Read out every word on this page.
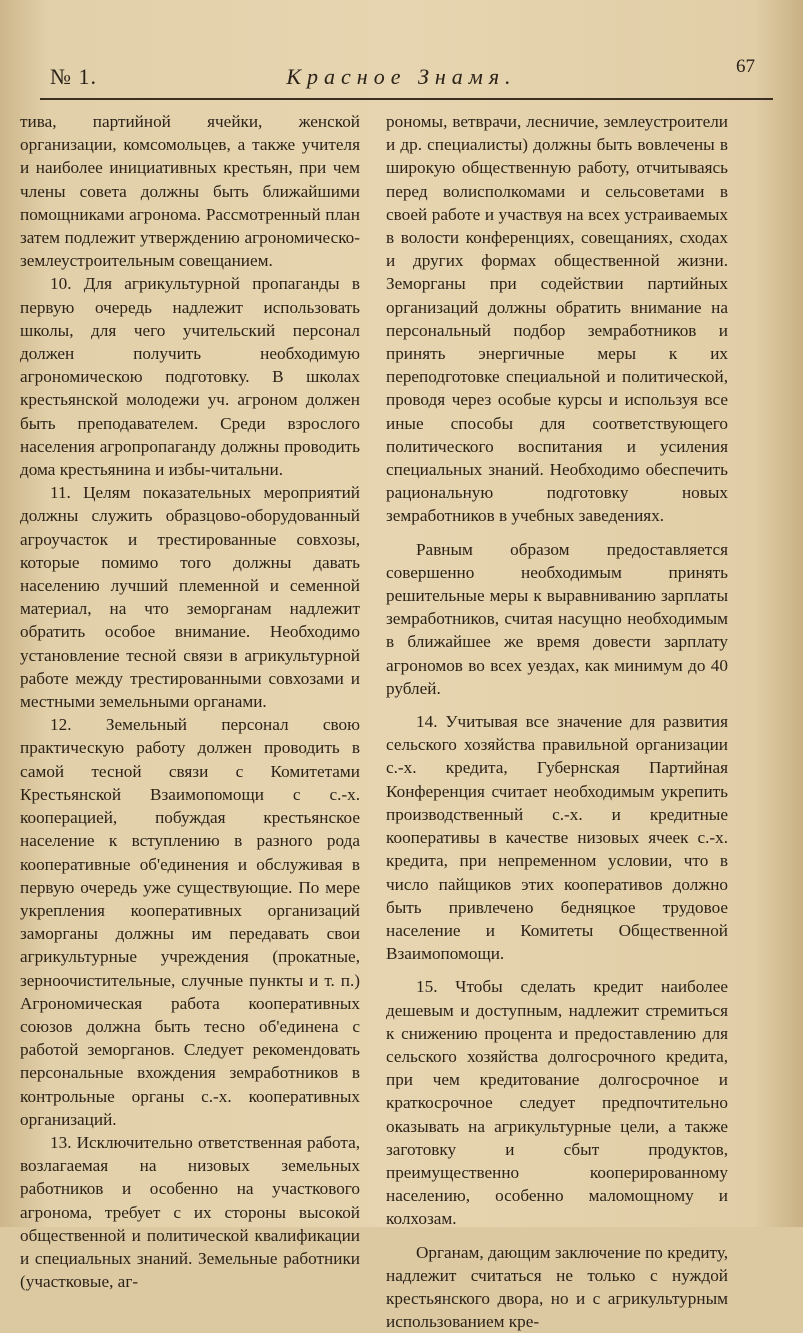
№ 1.	Красное Знамя.	67

тива, партийной ячейки, женской организации, комсомольцев, а также учителя и наиболее инициативных крестьян, при чем члены совета должны быть ближайшими помощниками агронома. Рассмотренный план затем подлежит утверждению агрономическо-землеустроительным совещанием.

10. Для агрикультурной пропаганды в первую очередь надлежит использовать школы, для чего учительский персонал должен получить необходимую агрономическою подготовку. В школах крестьянской молодежи уч. агроном должен быть преподавателем. Среди взрослого населения агропропаганду должны проводить дома крестьянина и избы-читальни.

11. Целям показательных мероприятий должны служить образцово-оборудованный агроучасток и трестированные совхозы, которые помимо того должны давать населению лучший племенной и семенной материал, на что земорганам надлежит обратить особое внимание. Необходимо установление тесной связи в агрикультурной работе между трестированными совхозами и местными земельными органами.

12. Земельный персонал свою практическую работу должен проводить в самой тесной связи с Комитетами Крестьянской Взаимопомощи с с.-х. кооперацией, побуждая крестьянское население к вступлению в разного рода кооперативные об'единения и обслуживая в первую очередь уже существующие. По мере укрепления кооперативных организаций заморганы должны им передавать свои агрикультурные учреждения (прокатные, зерноочистительные, случные пункты и т. п.) Агрономическая работа кооперативных союзов должна быть тесно об'единена с работой земорганов. Следует рекомендовать персональные вхождения земработников в контрольные органы с.-х. кооперативных организаций.

13. Исключительно ответственная работа, возлагаемая на низовых земельных работников и особенно на участкового агронома, требует с их стороны высокой общественной и политической квалификации и специальных знаний. Земельные работники (участковые, аг-

рономы, ветврачи, лесничие, землеустроители и др. специалисты) должны быть вовлечены в широкую общественную работу, отчитываясь перед волисполкомами и сельсоветами в своей работе и участвуя на всех устраиваемых в волости конференциях, совещаниях, сходах и других формах общественной жизни. Земорганы при содействии партийных организаций должны обратить внимание на персональный подбор земработников и принять энергичные меры к их переподготовке специальной и политической, проводя через особые курсы и используя все иные способы для соответствующего политического воспитания и усиления специальных знаний. Необходимо обеспечить рациональную подготовку новых земработников в учебных заведениях.

Равным образом предоставляется совершенно необходимым принять решительные меры к выравниванию зарплаты земработников, считая насущно необходимым в ближайшее же время довести зарплату агрономов во всех уездах, как минимум до 40 рублей.

14. Учитывая все значение для развития сельского хозяйства правильной организации с.-х. кредита, Губернская Партийная Конференция считает необходимым укрепить производственный с.-х. и кредитные кооперативы в качестве низовых ячеек с.-х. кредита, при непременном условии, что в число пайщиков этих кооперативов должно быть привлечено бедняцкое трудовое население и Комитеты Общественной Взаимопомощи.

15. Чтобы сделать кредит наиболее дешевым и доступным, надлежит стремиться к снижению процента и предоставлению для сельского хозяйства долгосрочного кредита, при чем кредитование долгосрочное и краткосрочное следует предпочтительно оказывать на агрикультурные цели, а также заготовку и сбыт продуктов, преимущественно кооперированному населению, особенно маломощному и колхозам.

Органам, дающим заключение по кредиту, надлежит считаться не только с нуждой крестьянского двора, но и с агрикультурным использованием кре-
